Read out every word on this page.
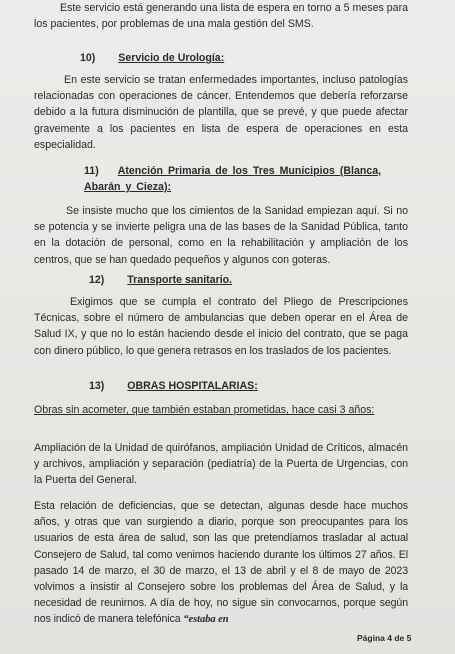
Este servicio está generando una lista de espera en torno a 5 meses para los pacientes, por problemas de una mala gestión del SMS.

10) Servicio de Urología:

En este servicio se tratan enfermedades importantes, incluso patologías relacionadas con operaciones de cáncer. Entendemos que debería reforzarse debido a la futura disminución de plantilla, que se prevé, y que puede afectar gravemente a los pacientes en lista de espera de operaciones en esta especialidad.

11) Atención Primaria de los Tres Municipios (Blanca, Abarán y Cieza):

Se insiste mucho que los cimientos de la Sanidad empiezan aquí. Si no se potencia y se invierte peligra una de las bases de la Sanidad Pública, tanto en la dotación de personal, como en la rehabilitación y ampliación de los centros, que se han quedado pequeños y algunos con goteras.

12) Transporte sanitario.

Exigimos que se cumpla el contrato del Pliego de Prescripciones Técnicas, sobre el número de ambulancias que deben operar en el Área de Salud IX, y que no lo están haciendo desde el inicio del contrato, que se paga con dinero público, lo que genera retrasos en los traslados de los pacientes.

13) OBRAS HOSPITALARIAS:

Obras sin acometer, que también estaban prometidas, hace casi 3 años:

Ampliación de la Unidad de quirófanos, ampliación Unidad de Críticos, almacén y archivos, ampliación y separación (pediatría) de la Puerta de Urgencias, con la Puerta del General.

Esta relación de deficiencias, que se detectan, algunas desde hace muchos años, y otras que van surgiendo a diario, porque son preocupantes para los usuarios de esta área de salud, son las que pretendíamos trasladar al actual Consejero de Salud, tal como venimos haciendo durante los últimos 27 años. El pasado 14 de marzo, el 30 de marzo, el 13 de abril y el 8 de mayo de 2023 volvimos a insistir al Consejero sobre los problemas del Área de Salud, y la necesidad de reunirnos. A día de hoy, no sigue sin convocarnos, porque según nos indicó de manera telefónica “estaba en

Página 4 de 5
